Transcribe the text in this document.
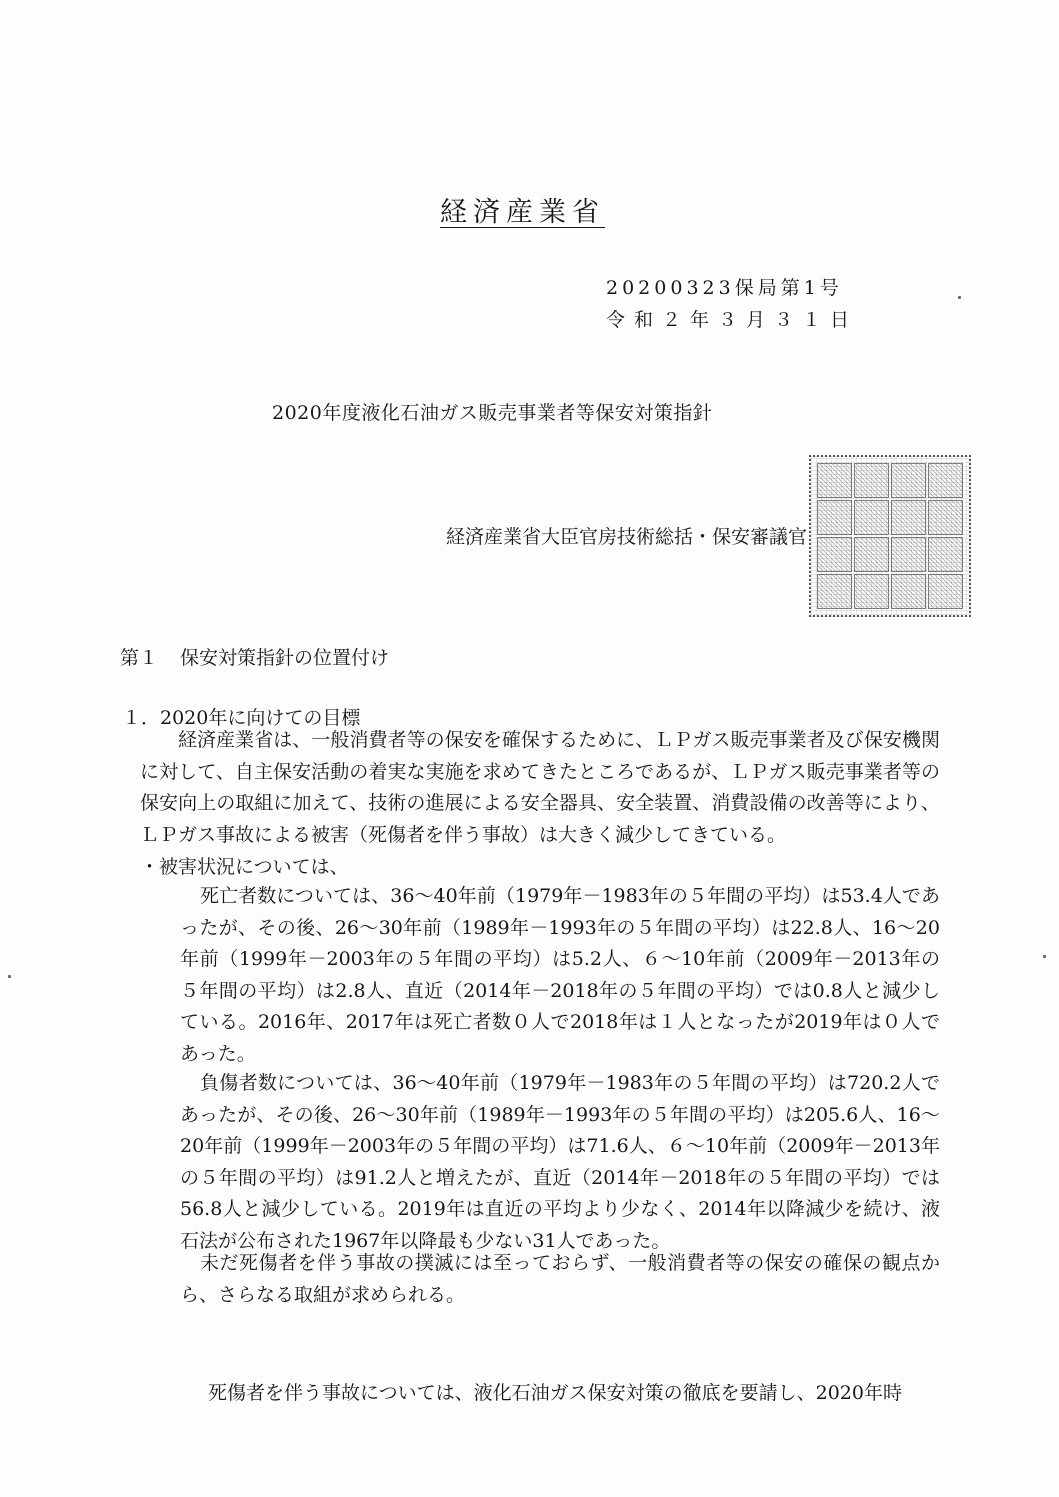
経済産業省
20200323保局第1号
令和２年３月３１日
2020年度液化石油ガス販売事業者等保安対策指針
経済産業省大臣官房技術総括・保安審議官
第１ 保安対策指針の位置付け
１．2020年に向けての目標

経済産業省は、一般消費者等の保安を確保するために、ＬＰガス販売事業者及び保安機関に対して、自主保安活動の着実な実施を求めてきたところであるが、ＬＰガス販売事業者等の保安向上の取組に加えて、技術の進展による安全器具、安全装置、消費設備の改善等により、ＬＰガス事故による被害（死傷者を伴う事故）は大きく減少してきている。

・被害状況については、

死亡者数については、36～40年前（1979年－1983年の５年間の平均）は53.4人であったが、その後、26～30年前（1989年－1993年の５年間の平均）は22.8人、16～20年前（1999年－2003年の５年間の平均）は5.2人、６～10年前（2009年－2013年の５年間の平均）は2.8人、直近（2014年－2018年の５年間の平均）では0.8人と減少している。2016年、2017年は死亡者数０人で2018年は１人となったが2019年は０人であった。

負傷者数については、36～40年前（1979年－1983年の５年間の平均）は720.2人であったが、その後、26～30年前（1989年－1993年の５年間の平均）は205.6人、16～20年前（1999年－2003年の５年間の平均）は71.6人、６～10年前（2009年－2013年の５年間の平均）は91.2人と増えたが、直近（2014年－2018年の５年間の平均）では56.8人と減少している。2019年は直近の平均より少なく、2014年以降減少を続け、液石法が公布された1967年以降最も少ない31人であった。

未だ死傷者を伴う事故の撲滅には至っておらず、一般消費者等の保安の確保の観点から、さらなる取組が求められる。

死傷者を伴う事故については、液化石油ガス保安対策の徹底を要請し、2020年時
